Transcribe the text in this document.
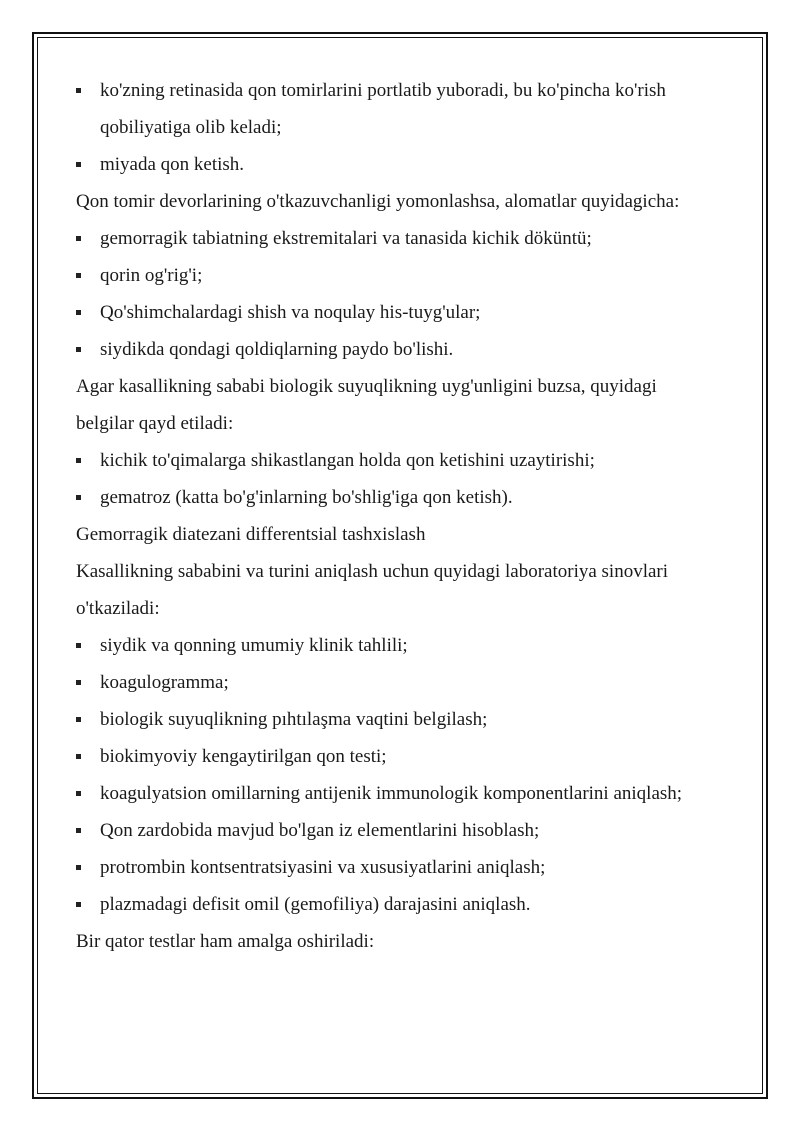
ko'zning retinasida qon tomirlarini portlatib yuboradi, bu ko'pincha ko'rish qobiliyatiga olib keladi;
miyada qon ketish.

Qon tomir devorlarining o'tkazuvchanligi yomonlashsa, alomatlar quyidagicha:

gemorragik tabiatning ekstremitalari va tanasida kichik döküntü;
qorin og'rig'i;
Qo'shimchalardagi shish va noqulay his-tuyg'ular;
siydikda qondagi qoldiqlarning paydo bo'lishi.

Agar kasallikning sababi biologik suyuqlikning uyg'unligini buzsa, quyidagi belgilar qayd etiladi:

kichik to'qimalarga shikastlangan holda qon ketishini uzaytirishi;
gematroz (katta bo'g'inlarning bo'shlig'iga qon ketish).

Gemorragik diatezani differentsial tashxislash

Kasallikning sababini va turini aniqlash uchun quyidagi laboratoriya sinovlari o'tkaziladi:

siydik va qonning umumiy klinik tahlili;
koagulogramma;
biologik suyuqlikning pıhtılaşma vaqtini belgilash;
biokimyoviy kengaytirilgan qon testi;
koagulyatsion omillarning antijenik immunologik komponentlarini aniqlash;
Qon zardobida mavjud bo'lgan iz elementlarini hisoblash;
protrombin kontsentratsiyasini va xususiyatlarini aniqlash;
plazmadagi defisit omil (gemofiliya) darajasini aniqlash.

Bir qator testlar ham amalga oshiriladi:
